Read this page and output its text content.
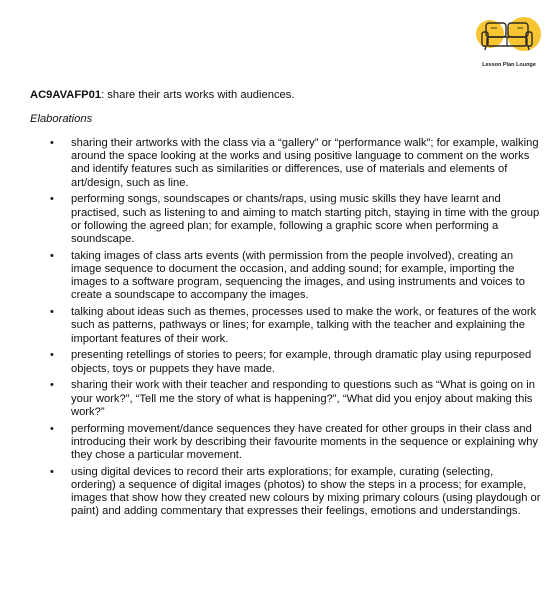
Lesson Plan Lounge
AC9AVAFP01: share their arts works with audiences.
Elaborations
• sharing their artworks with the class via a “gallery” or “performance walk”; for example, walking around the space looking at the works and using positive language to comment on the works and identify features such as similarities or differences, use of materials and elements of art/design, such as line.
• performing songs, soundscapes or chants/raps, using music skills they have learnt and practised, such as listening to and aiming to match starting pitch, staying in time with the group or following the agreed plan; for example, following a graphic score when performing a soundscape.
• taking images of class arts events (with permission from the people involved), creating an image sequence to document the occasion, and adding sound; for example, importing the images to a software program, sequencing the images, and using instruments and voices to create a soundscape to accompany the images.
• talking about ideas such as themes, processes used to make the work, or features of the work such as patterns, pathways or lines; for example, talking with the teacher and explaining the important features of their work.
• presenting retellings of stories to peers; for example, through dramatic play using repurposed objects, toys or puppets they have made.
• sharing their work with their teacher and responding to questions such as “What is going on in your work?”, “Tell me the story of what is happening?”, “What did you enjoy about making this work?”
• performing movement/dance sequences they have created for other groups in their class and introducing their work by describing their favourite moments in the sequence or explaining why they chose a particular movement.
• using digital devices to record their arts explorations; for example, curating (selecting, ordering) a sequence of digital images (photos) to show the steps in a process; for example, images that show how they created new colours by mixing primary colours (using playdough or paint) and adding commentary that expresses their feelings, emotions and understandings.
